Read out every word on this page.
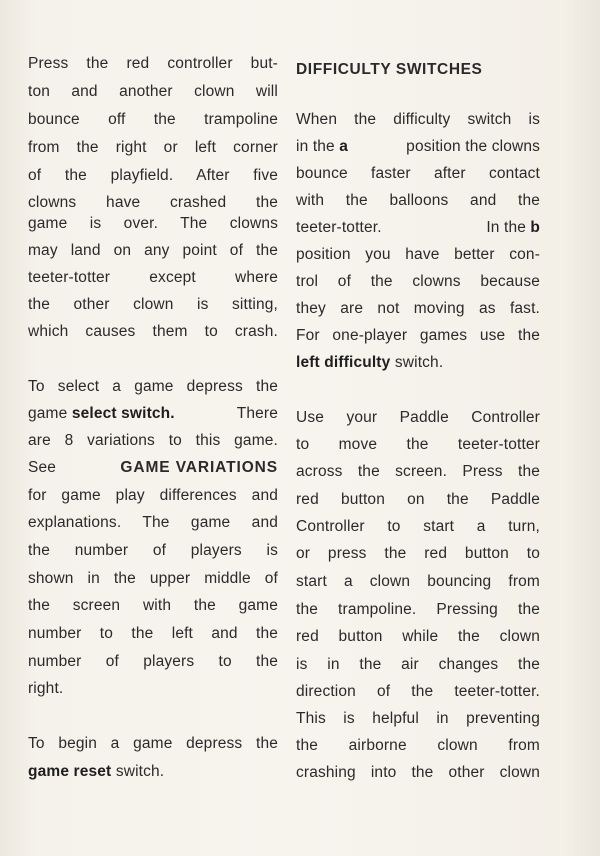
Press the red controller but-
ton and another clown will
bounce off the trampoline
from the right or left corner
of the playfield. After five
clowns have crashed the
game is over. The clowns
may land on any point of the
teeter-totter except where
the other clown is sitting,
which causes them to crash.
To select a game depress the
game select switch.	There
are 8 variations to this game.
See	GAME VARIATIONS
for game play differences and
explanations. The game and
the number of players is
shown in the upper middle of
the screen with the game
number to the left and the
number of players to the
right.
To begin a game depress the
game reset switch.
DIFFICULTY SWITCHES
When the difficulty switch is
in the a	position the clowns
bounce faster after contact
with the balloons and the
teeter-totter.	In the b
position you have better con-
trol of the clowns because
they are not moving as fast.
For one-player games use the
left difficulty switch.
Use your Paddle Controller
to move the teeter-totter
across the screen. Press the
red button on the Paddle
Controller to start a turn,
or press the red button to
start a clown bouncing from
the trampoline. Pressing the
red button while the clown
is in the air changes the
direction of the teeter-totter.
This is helpful in preventing
the airborne clown from
crashing into the other clown
